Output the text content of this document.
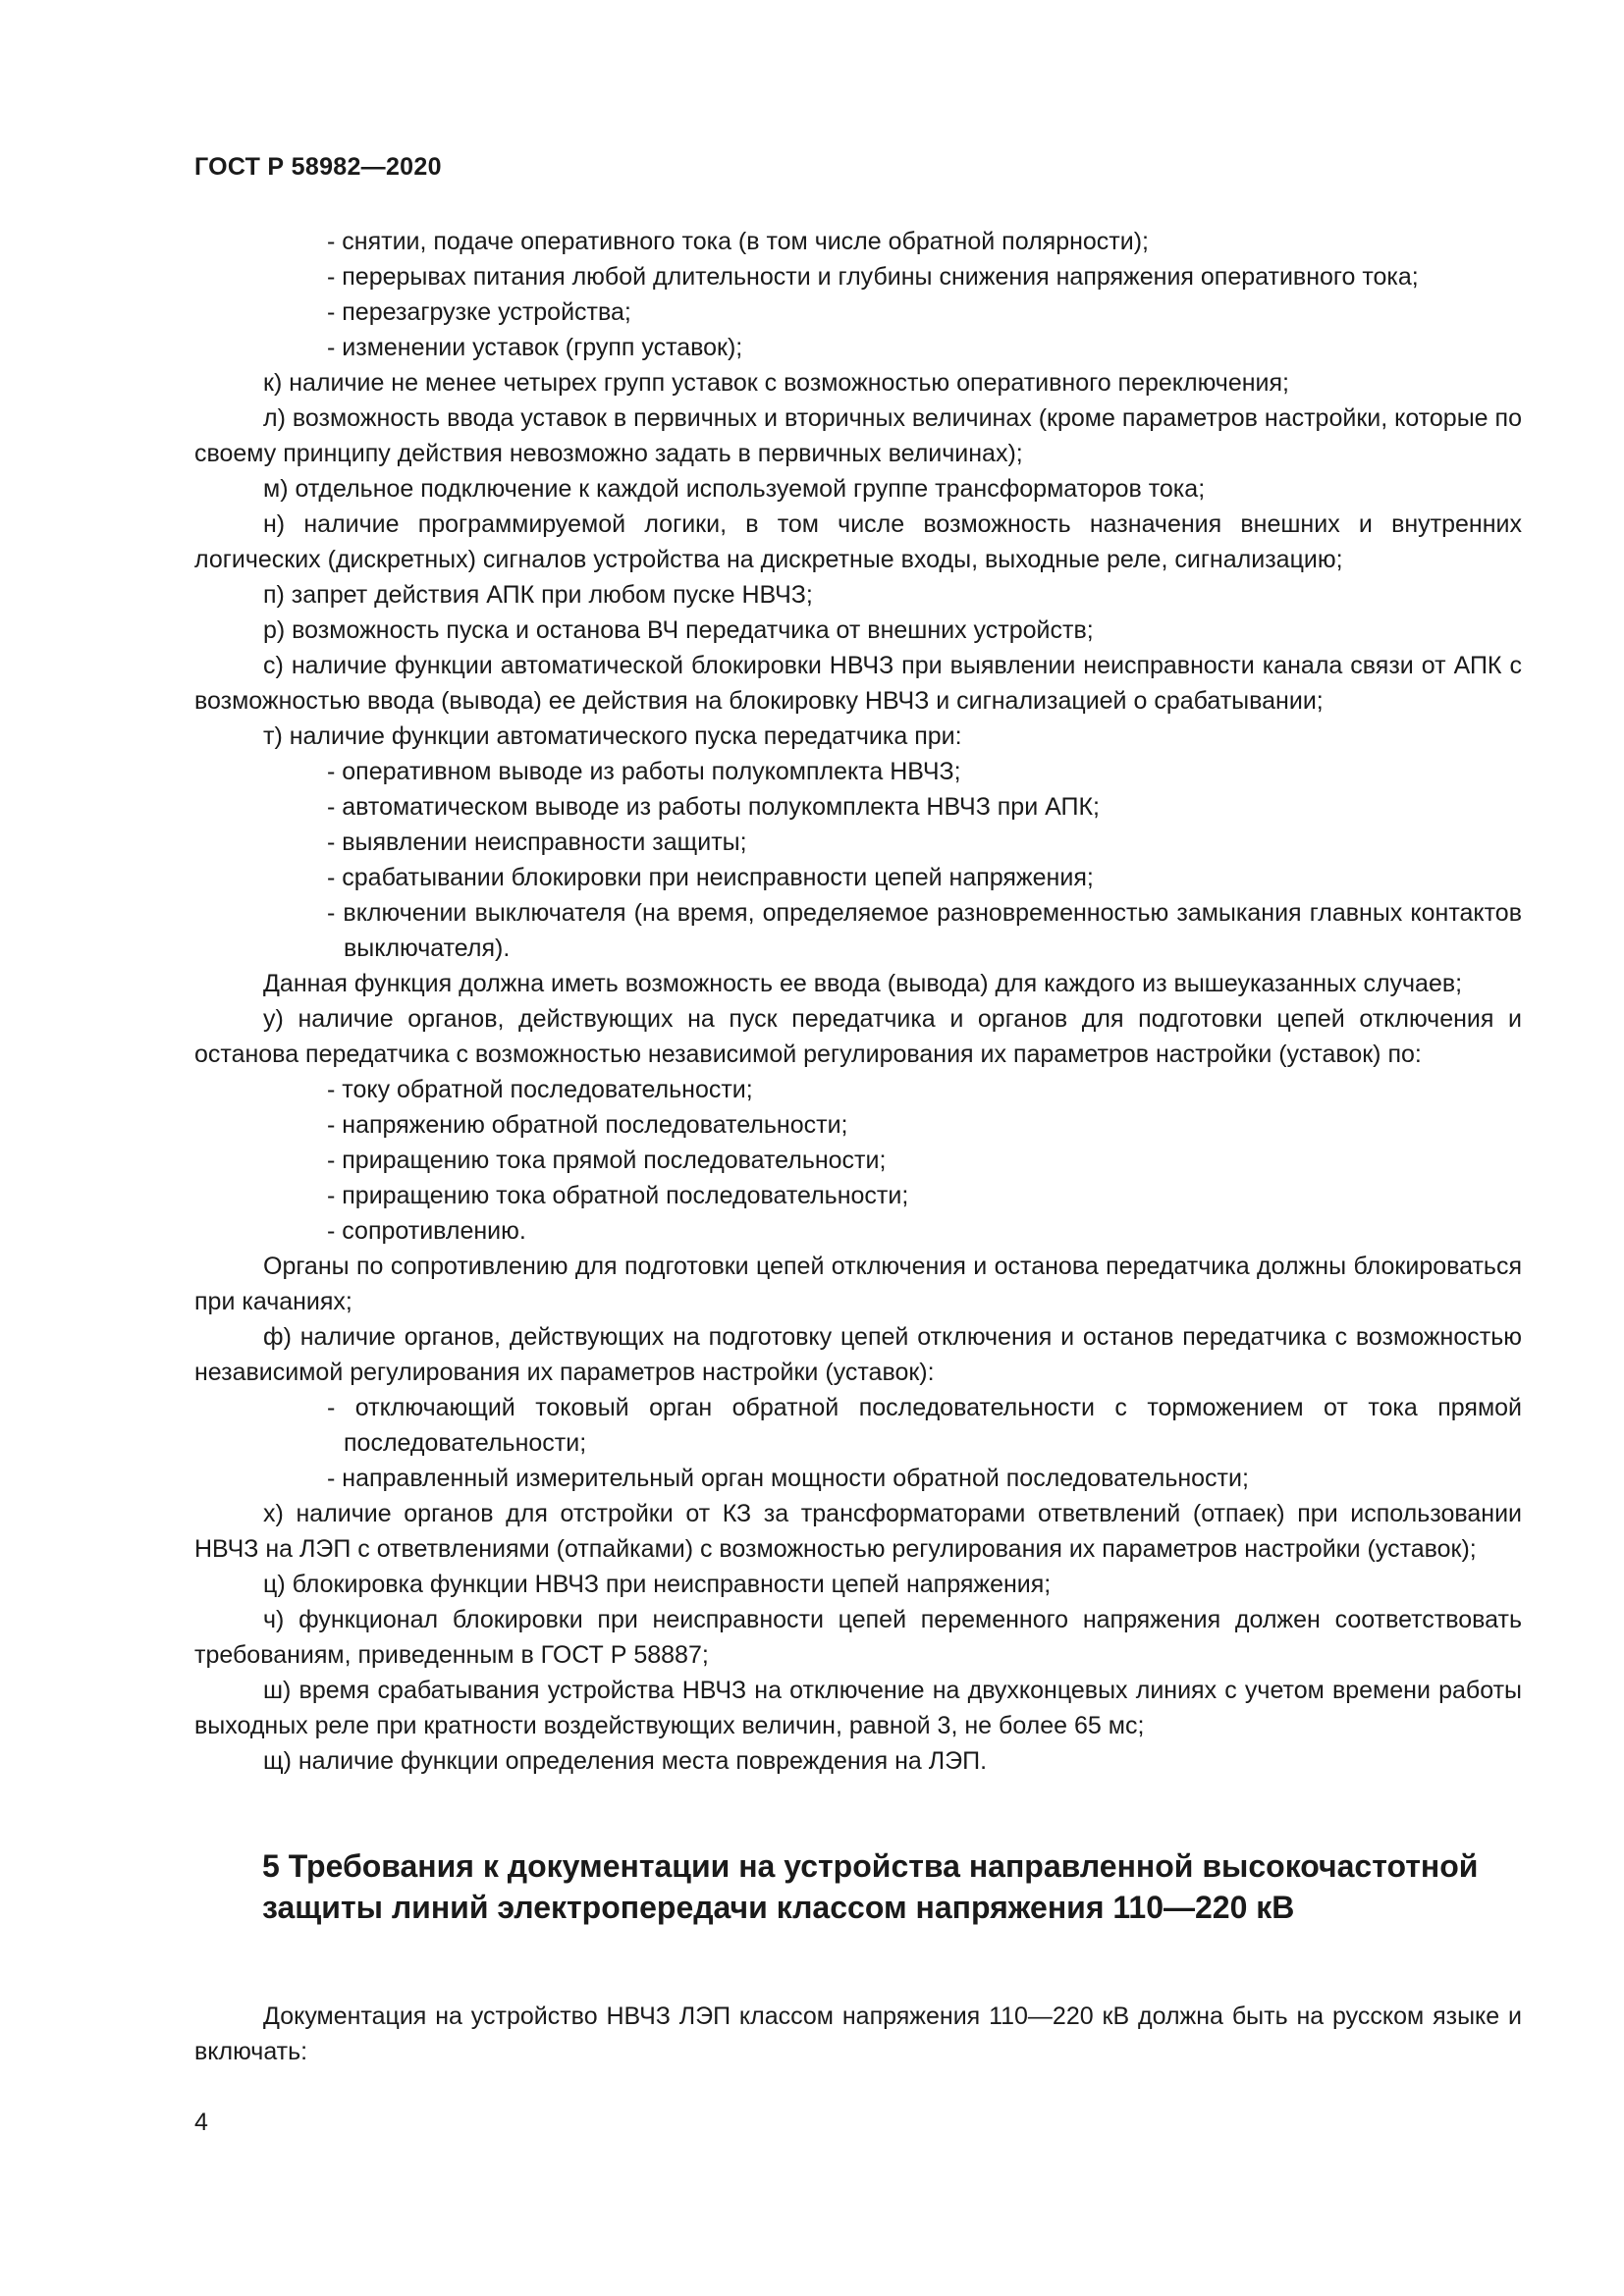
ГОСТ Р 58982—2020

- снятии, подаче оперативного тока (в том числе обратной полярности);

- перерывах питания любой длительности и глубины снижения напряжения оперативного тока;

- перезагрузке устройства;

- изменении уставок (групп уставок);

к) наличие не менее четырех групп уставок с возможностью оперативного переключения;

л) возможность ввода уставок в первичных и вторичных величинах (кроме параметров настройки, которые по своему принципу действия невозможно задать в первичных величинах);

м) отдельное подключение к каждой используемой группе трансформаторов тока;

н) наличие программируемой логики, в том числе возможность назначения внешних и внутренних логических (дискретных) сигналов устройства на дискретные входы, выходные реле, сигнализацию;

п) запрет действия АПК при любом пуске НВЧЗ;

р) возможность пуска и останова ВЧ передатчика от внешних устройств;

с) наличие функции автоматической блокировки НВЧЗ при выявлении неисправности канала связи от АПК с возможностью ввода (вывода) ее действия на блокировку НВЧЗ и сигнализацией о срабатывании;

т) наличие функции автоматического пуска передатчика при:

- оперативном выводе из работы полукомплекта НВЧЗ;

- автоматическом выводе из работы полукомплекта НВЧЗ при АПК;

- выявлении неисправности защиты;

- срабатывании блокировки при неисправности цепей напряжения;

- включении выключателя (на время, определяемое разновременностью замыкания главных контактов выключателя).

Данная функция должна иметь возможность ее ввода (вывода) для каждого из вышеуказанных случаев;

у) наличие органов, действующих на пуск передатчика и органов для подготовки цепей отключения и останова передатчика с возможностью независимой регулирования их параметров настройки (уставок) по:

- току обратной последовательности;

- напряжению обратной последовательности;

- приращению тока прямой последовательности;

- приращению тока обратной последовательности;

- сопротивлению.

Органы по сопротивлению для подготовки цепей отключения и останова передатчика должны блокироваться при качаниях;

ф) наличие органов, действующих на подготовку цепей отключения и останов передатчика с возможностью независимой регулирования их параметров настройки (уставок):

- отключающий токовый орган обратной последовательности с торможением от тока прямой последовательности;

- направленный измерительный орган мощности обратной последовательности;

х) наличие органов для отстройки от КЗ за трансформаторами ответвлений (отпаек) при использовании НВЧЗ на ЛЭП с ответвлениями (отпайками) с возможностью регулирования их параметров настройки (уставок);

ц) блокировка функции НВЧЗ при неисправности цепей напряжения;

ч) функционал блокировки при неисправности цепей переменного напряжения должен соответствовать требованиям, приведенным в ГОСТ Р 58887;

ш) время срабатывания устройства НВЧЗ на отключение на двухконцевых линиях с учетом времени работы выходных реле при кратности воздействующих величин, равной 3, не более 65 мс;

щ) наличие функции определения места повреждения на ЛЭП.

5 Требования к документации на устройства направленной высокочастотной защиты линий электропередачи классом напряжения 110—220 кВ

Документация на устройство НВЧЗ ЛЭП классом напряжения 110—220 кВ должна быть на русском языке и включать:

4
